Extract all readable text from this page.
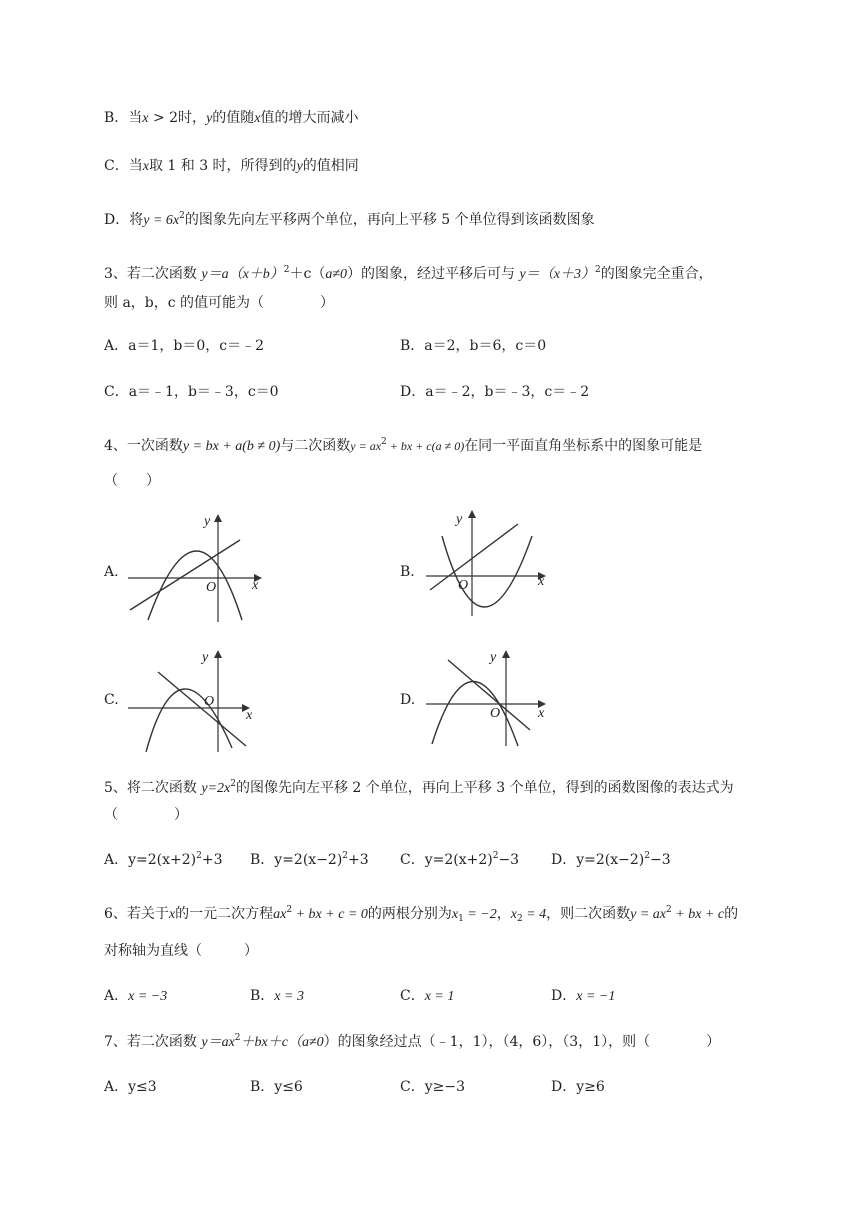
B．当x > 2时，y的值随x值的增大而减小
C．当x取 1 和 3 时，所得到的y的值相同
D．将$y = 6x^2$的图象先向左平移两个单位，再向上平移 5 个单位得到该函数图象
3、若二次函数 $y=a(x+b)^2+c(a\ne 0)$的图象，经过平移后可与 $y=(x+3)^2$的图象完全重合，
则 a，b，c 的值可能为（　　　　）
A．a＝1，b＝0，c＝﹣2	B．a＝2，b＝6，c＝0
C．a＝﹣1，b＝﹣3，c＝0	D．a＝﹣2，b＝﹣3，c＝﹣2
4、一次函数y = bx + a(b ≠ 0)与二次函数$y = ax^2$ + bx + c(a ≠ 0)在同一平面直角坐标系中的图象可能是
（　　）
A.
y
x
O
B.
y
x
O
C.
y
x
O	D.
y
x
O
5、将二次函数 $y=2x^2$的图像先向左平移 2 个单位，再向上平移 3 个单位，得到的函数图像的表达式为
（　　　　）
A．$y=2(x+2)^2+3$ B．$y=2(x-2)^2+3$ C．$y=2(x+2)^2-3$ D．$y=2(x-2)^2-3$
6、若关于x的一元二次方程$ax^2$ + bx + c = 0的两根分别为$x_1 = -2$，$x_2 = 4$，则二次函数$y = ax^2$ + bx + c的
对称轴为直线（　　　）
A．x = −3	B．x = 3	C．x = 1	D．x = −1
7、若二次函数 $y=ax^2+bx+c(a\ne 0)$的图象经过点（﹣1，1），（4，6），（3，1），则（　　　　）
A．y≤3	B．y≤6	C．y≥−3	D．y≥6
